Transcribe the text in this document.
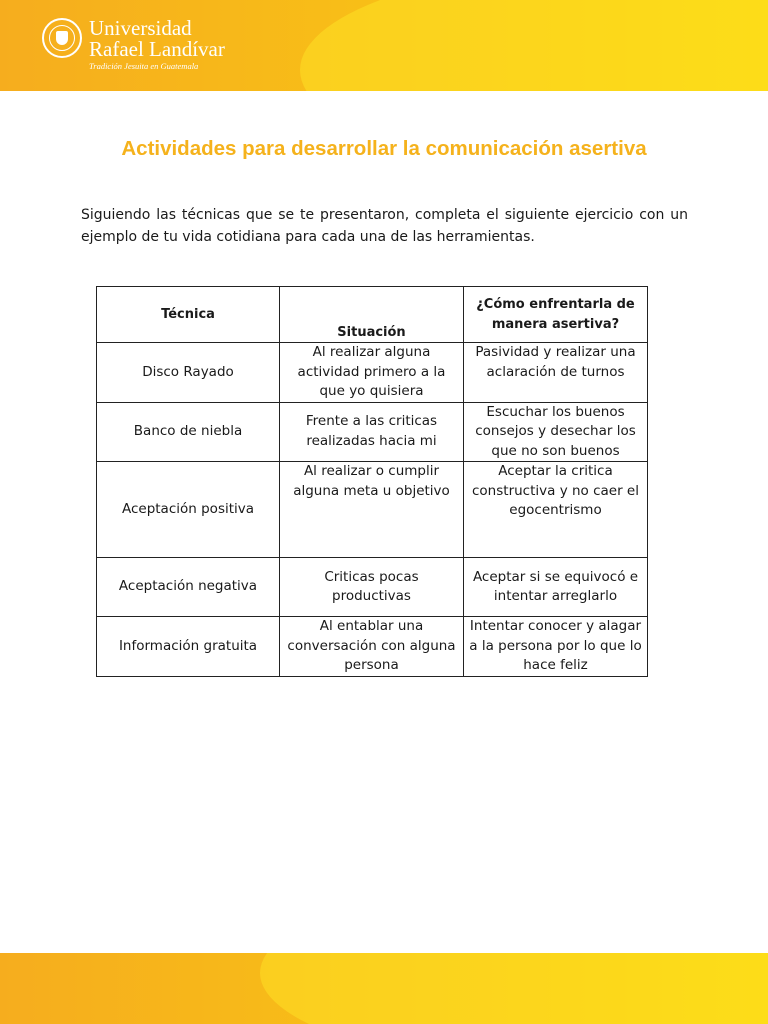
Universidad
Rafael Landívar
Tradición Jesuita en Guatemala
Actividades para desarrollar la comunicación asertiva

Siguiendo las técnicas que se te presentaron, completa el siguiente ejercicio con un ejemplo de tu vida cotidiana para cada una de las herramientas.

Técnica	Situación	¿Cómo enfrentarla de manera asertiva?
Disco Rayado	Al realizar alguna actividad primero a la que yo quisiera	Pasividad y realizar una aclaración de turnos
Banco de niebla	Frente a las criticas realizadas hacia mi	Escuchar los buenos consejos y desechar los que no son buenos
Aceptación positiva	Al realizar o cumplir alguna meta u objetivo	Aceptar la critica constructiva y no caer el egocentrismo
Aceptación negativa	Criticas pocas productivas	Aceptar si se equivocó e intentar arreglarlo
Información gratuita	Al entablar una conversación con alguna persona	Intentar conocer y alagar a la persona por lo que lo hace feliz
